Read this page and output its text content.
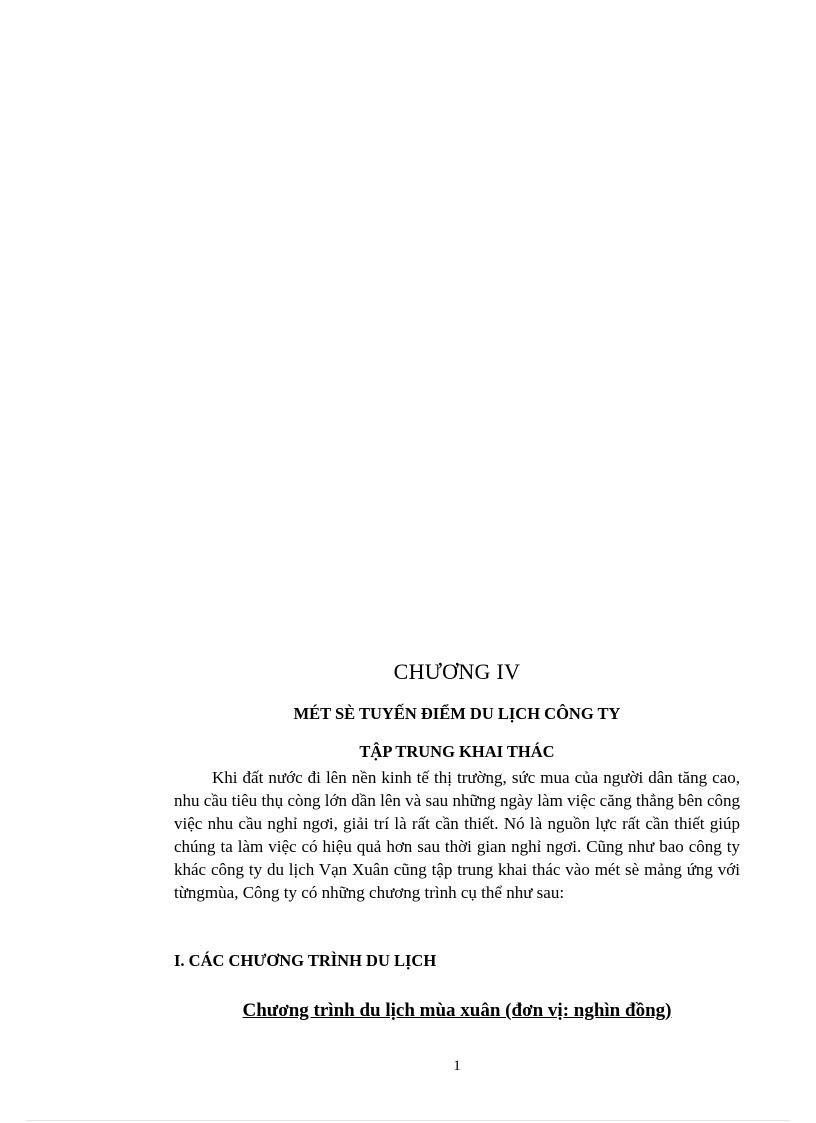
CHƯƠNG IV
MÉT SÈ TUYẾN ĐIỂM DU LỊCH CÔNG TY
TẬP TRUNG KHAI THÁC

Khi đất nước đi lên nền kinh tế thị trường, sức mua của người dân tăng cao, nhu cầu tiêu thụ còng lớn dần lên và sau những ngày làm việc căng thẳng bên công việc nhu cầu nghỉ ngơi, giải trí là rất cần thiết. Nó là nguồn lực rất cần thiết giúp chúng ta làm việc có hiệu quả hơn sau thời gian nghỉ ngơi. Cũng như bao công ty khác công ty du lịch Vạn Xuân cũng tập trung khai thác vào mét sè mảng ứng với từngmùa, Công ty có những chương trình cụ thể như sau:

I. CÁC CHƯƠNG TRÌNH DU LỊCH
Chương trình du lịch mùa xuân (đơn vị: nghìn đồng)
1
